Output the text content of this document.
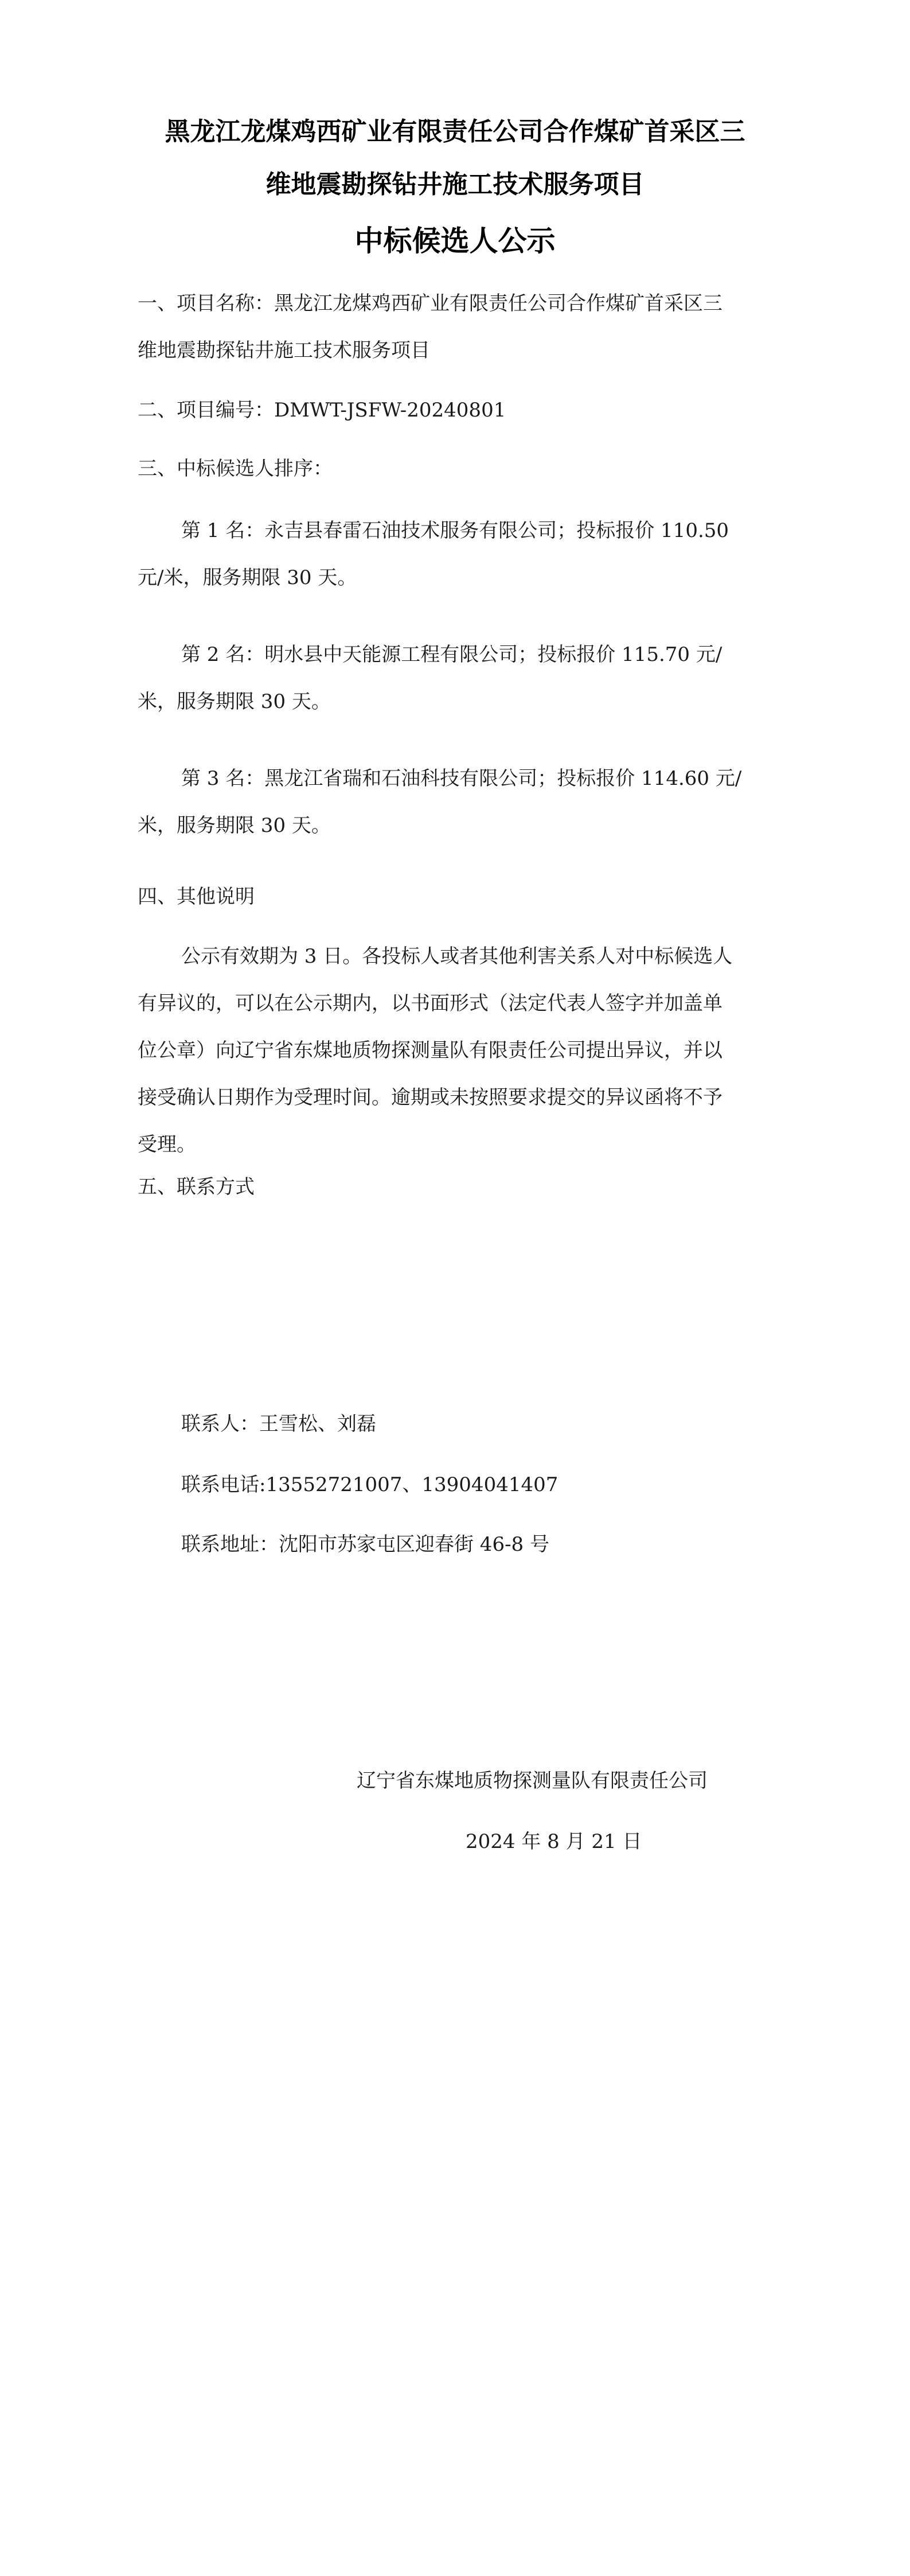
黑龙江龙煤鸡西矿业有限责任公司合作煤矿首采区三
维地震勘探钻井施工技术服务项目
中标候选人公示
一、项目名称：黑龙江龙煤鸡西矿业有限责任公司合作煤矿首采区三
维地震勘探钻井施工技术服务项目
二、项目编号：DMWT-JSFW-20240801
三、中标候选人排序：
第 1 名：永吉县春雷石油技术服务有限公司；投标报价 110.50
元/米，服务期限 30 天。
第 2 名：明水县中天能源工程有限公司；投标报价 115.70 元/
米，服务期限 30 天。
第 3 名：黑龙江省瑞和石油科技有限公司；投标报价 114.60 元/
米，服务期限 30 天。
四、其他说明
公示有效期为 3 日。各投标人或者其他利害关系人对中标候选人
有异议的，可以在公示期内，以书面形式（法定代表人签字并加盖单
位公章）向辽宁省东煤地质物探测量队有限责任公司提出异议，并以
接受确认日期作为受理时间。逾期或未按照要求提交的异议函将不予
受理。
五、联系方式

联系人：王雪松、刘磊

联系电话:13552721007、13904041407

联系地址：沈阳市苏家屯区迎春街 46-8 号

辽宁省东煤地质物探测量队有限责任公司

2024 年 8 月 21 日
